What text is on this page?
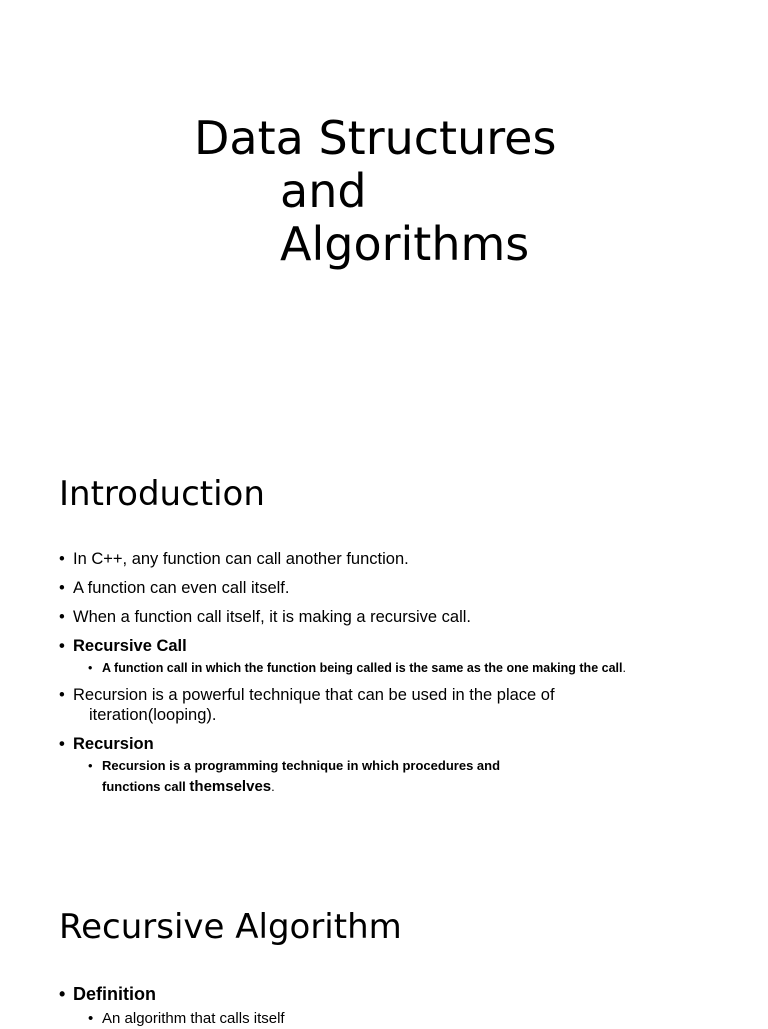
Data Structures
and
Algorithms
Introduction
• In C++, any function can call another function.
• A function can even call itself.
• When a function call itself, it is making a recursive call.
• Recursive Call
• A function call in which the function being called is the same as the one making the call.
• Recursion is a powerful technique that can be used in the place of
iteration(looping).
• Recursion
• Recursion is a programming technique in which procedures and
functions call themselves.
Recursive Algorithm
• Definition
• An algorithm that calls itself
